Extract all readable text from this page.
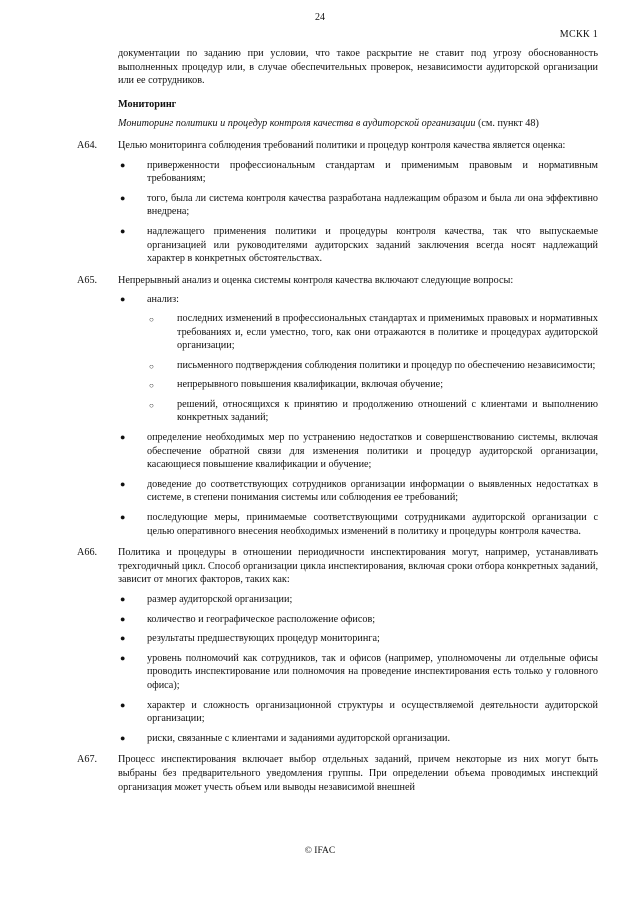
24
МСКК 1

документации по заданию при условии, что такое раскрытие не ставит под угрозу обоснованность выполненных процедур или, в случае обеспечительных проверок, независимости аудиторской организации или ее сотрудников.

Мониторинг

Мониторинг политики и процедур контроля качества в аудиторской организации (см. пункт 48)

A64. Целью мониторинга соблюдения требований политики и процедур контроля качества является оценка:

● приверженности профессиональным стандартам и применимым правовым и нормативным требованиям;
● того, была ли система контроля качества разработана надлежащим образом и была ли она эффективно внедрена;
● надлежащего применения политики и процедуры контроля качества, так что выпускаемые организацией или руководителями аудиторских заданий заключения всегда носят надлежащий характер в конкретных обстоятельствах.
A65. Непрерывный анализ и оценка системы контроля качества включают следующие вопросы:

● анализ:
○ последних изменений в профессиональных стандартах и применимых правовых и нормативных требованиях и, если уместно, того, как они отражаются в политике и процедурах аудиторской организации;
○ письменного подтверждения соблюдения политики и процедур по обеспечению независимости;
○ непрерывного повышения квалификации, включая обучение;
○ решений, относящихся к принятию и продолжению отношений с клиентами и выполнению конкретных заданий;
● определение необходимых мер по устранению недостатков и совершенствованию системы, включая обеспечение обратной связи для изменения политики и процедур аудиторской организации, касающиеся повышение квалификации и обучение;
● доведение до соответствующих сотрудников организации информации о выявленных недостатках в системе, в степени понимания системы или соблюдения ее требований;
● последующие меры, принимаемые соответствующими сотрудниками аудиторской организации с целью оперативного внесения необходимых изменений в политику и процедуры контроля качества.
A66. Политика и процедуры в отношении периодичности инспектирования могут, например, устанавливать трехгодичный цикл. Способ организации цикла инспектирования, включая сроки отбора конкретных заданий, зависит от многих факторов, таких как:

● размер аудиторской организации;
● количество и географическое расположение офисов;
● результаты предшествующих процедур мониторинга;
● уровень полномочий как сотрудников, так и офисов (например, уполномочены ли отдельные офисы проводить инспектирование или полномочия на проведение инспектирования есть только у головного офиса);
● характер и сложность организационной структуры и осуществляемой деятельности аудиторской организации;
● риски, связанные с клиентами и заданиями аудиторской организации.
A67. Процесс инспектирования включает выбор отдельных заданий, причем некоторые из них могут быть выбраны без предварительного уведомления группы. При определении объема проводимых инспекций организация может учесть объем или выводы независимой внешней

© IFAC
